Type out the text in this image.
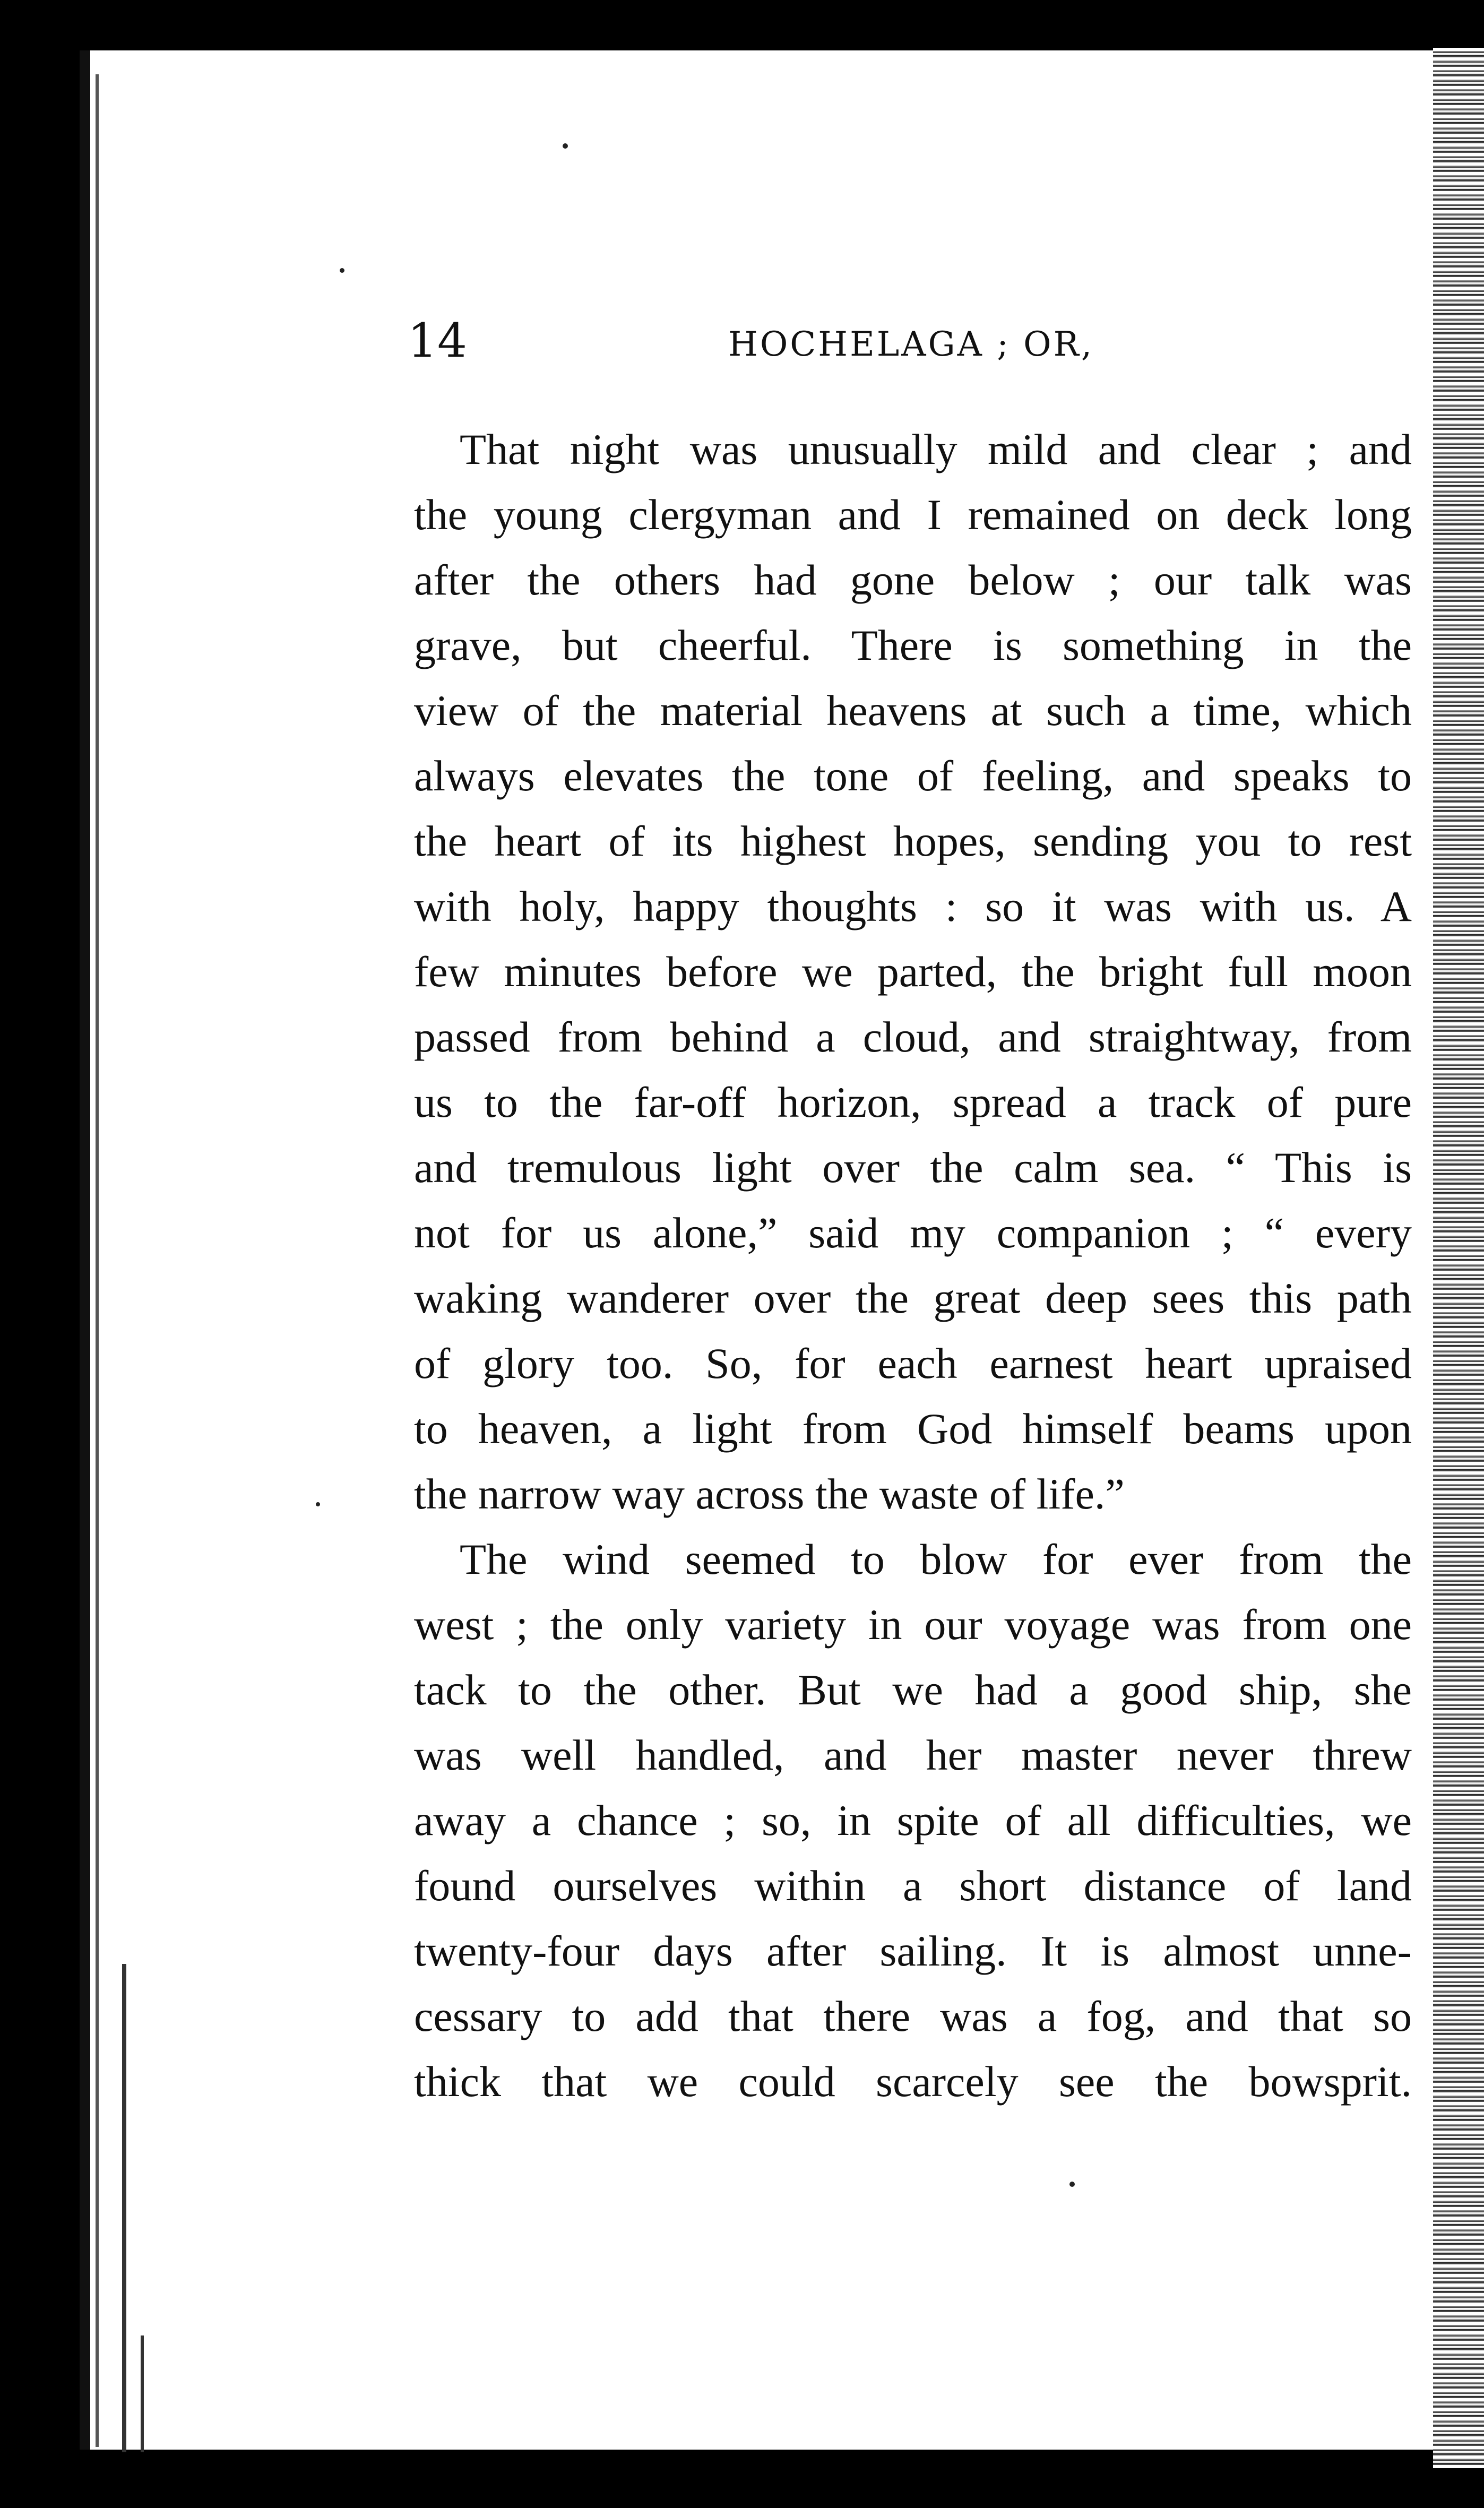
14	HOCHELAGA ; OR,
That night was unusually mild and clear ; and
the young clergyman and I remained on deck long
after the others had gone below ; our talk was
grave, but cheerful. There is something in the
view of the material heavens at such a time, which
always elevates the tone of feeling, and speaks to
the heart of its highest hopes, sending you to rest
with holy, happy thoughts : so it was with us. A
few minutes before we parted, the bright full moon
passed from behind a cloud, and straightway, from
us to the far-off horizon, spread a track of pure
and tremulous light over the calm sea. “ This is
not for us alone,” said my companion ; “ every
waking wanderer over the great deep sees this path
of glory too. So, for each earnest heart upraised
to heaven, a light from God himself beams upon
the narrow way across the waste of life.”
The wind seemed to blow for ever from the
west ; the only variety in our voyage was from one
tack to the other. But we had a good ship, she
was well handled, and her master never threw
away a chance ; so, in spite of all difficulties, we
found ourselves within a short distance of land
twenty-four days after sailing. It is almost unne-
cessary to add that there was a fog, and that so
thick that we could scarcely see the bowsprit.
